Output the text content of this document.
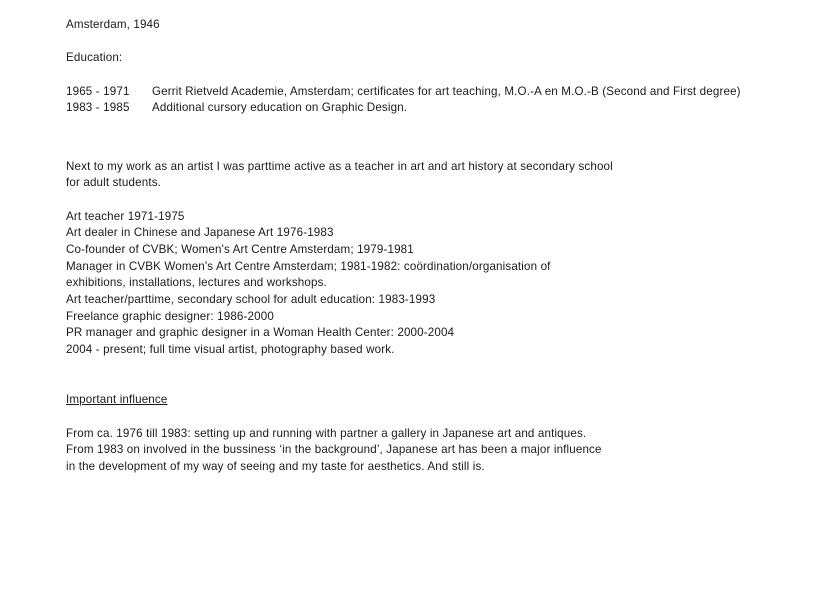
Amsterdam, 1946
Education:
1965 - 1971	Gerrit Rietveld Academie, Amsterdam; certificates for art teaching, M.O.-A en M.O.-B (Second and First degree)
1983 - 1985	Additional cursory education on Graphic Design.
Next to my work as an artist I was parttime active as a teacher in art and art history at secondary school
for adult students.
Art teacher 1971-1975
Art dealer in Chinese and Japanese Art 1976-1983
Co-founder of CVBK; Women's Art Centre Amsterdam; 1979-1981
Manager in CVBK Women's Art Centre Amsterdam; 1981-1982: coördination/organisation of
exhibitions, installations, lectures and workshops.
Art teacher/parttime, secondary school for adult education: 1983-1993
Freelance graphic designer: 1986-2000
PR manager and graphic designer in a Woman Health Center: 2000-2004
2004 - present; full time visual artist, photography based work.
Important influence
From ca. 1976 till 1983: setting up and running with partner a gallery in Japanese art and antiques.
From 1983 on involved in the bussiness ‘in the background’, Japanese art has been a major influence
in the development of my way of seeing and my taste for aesthetics. And still is.
